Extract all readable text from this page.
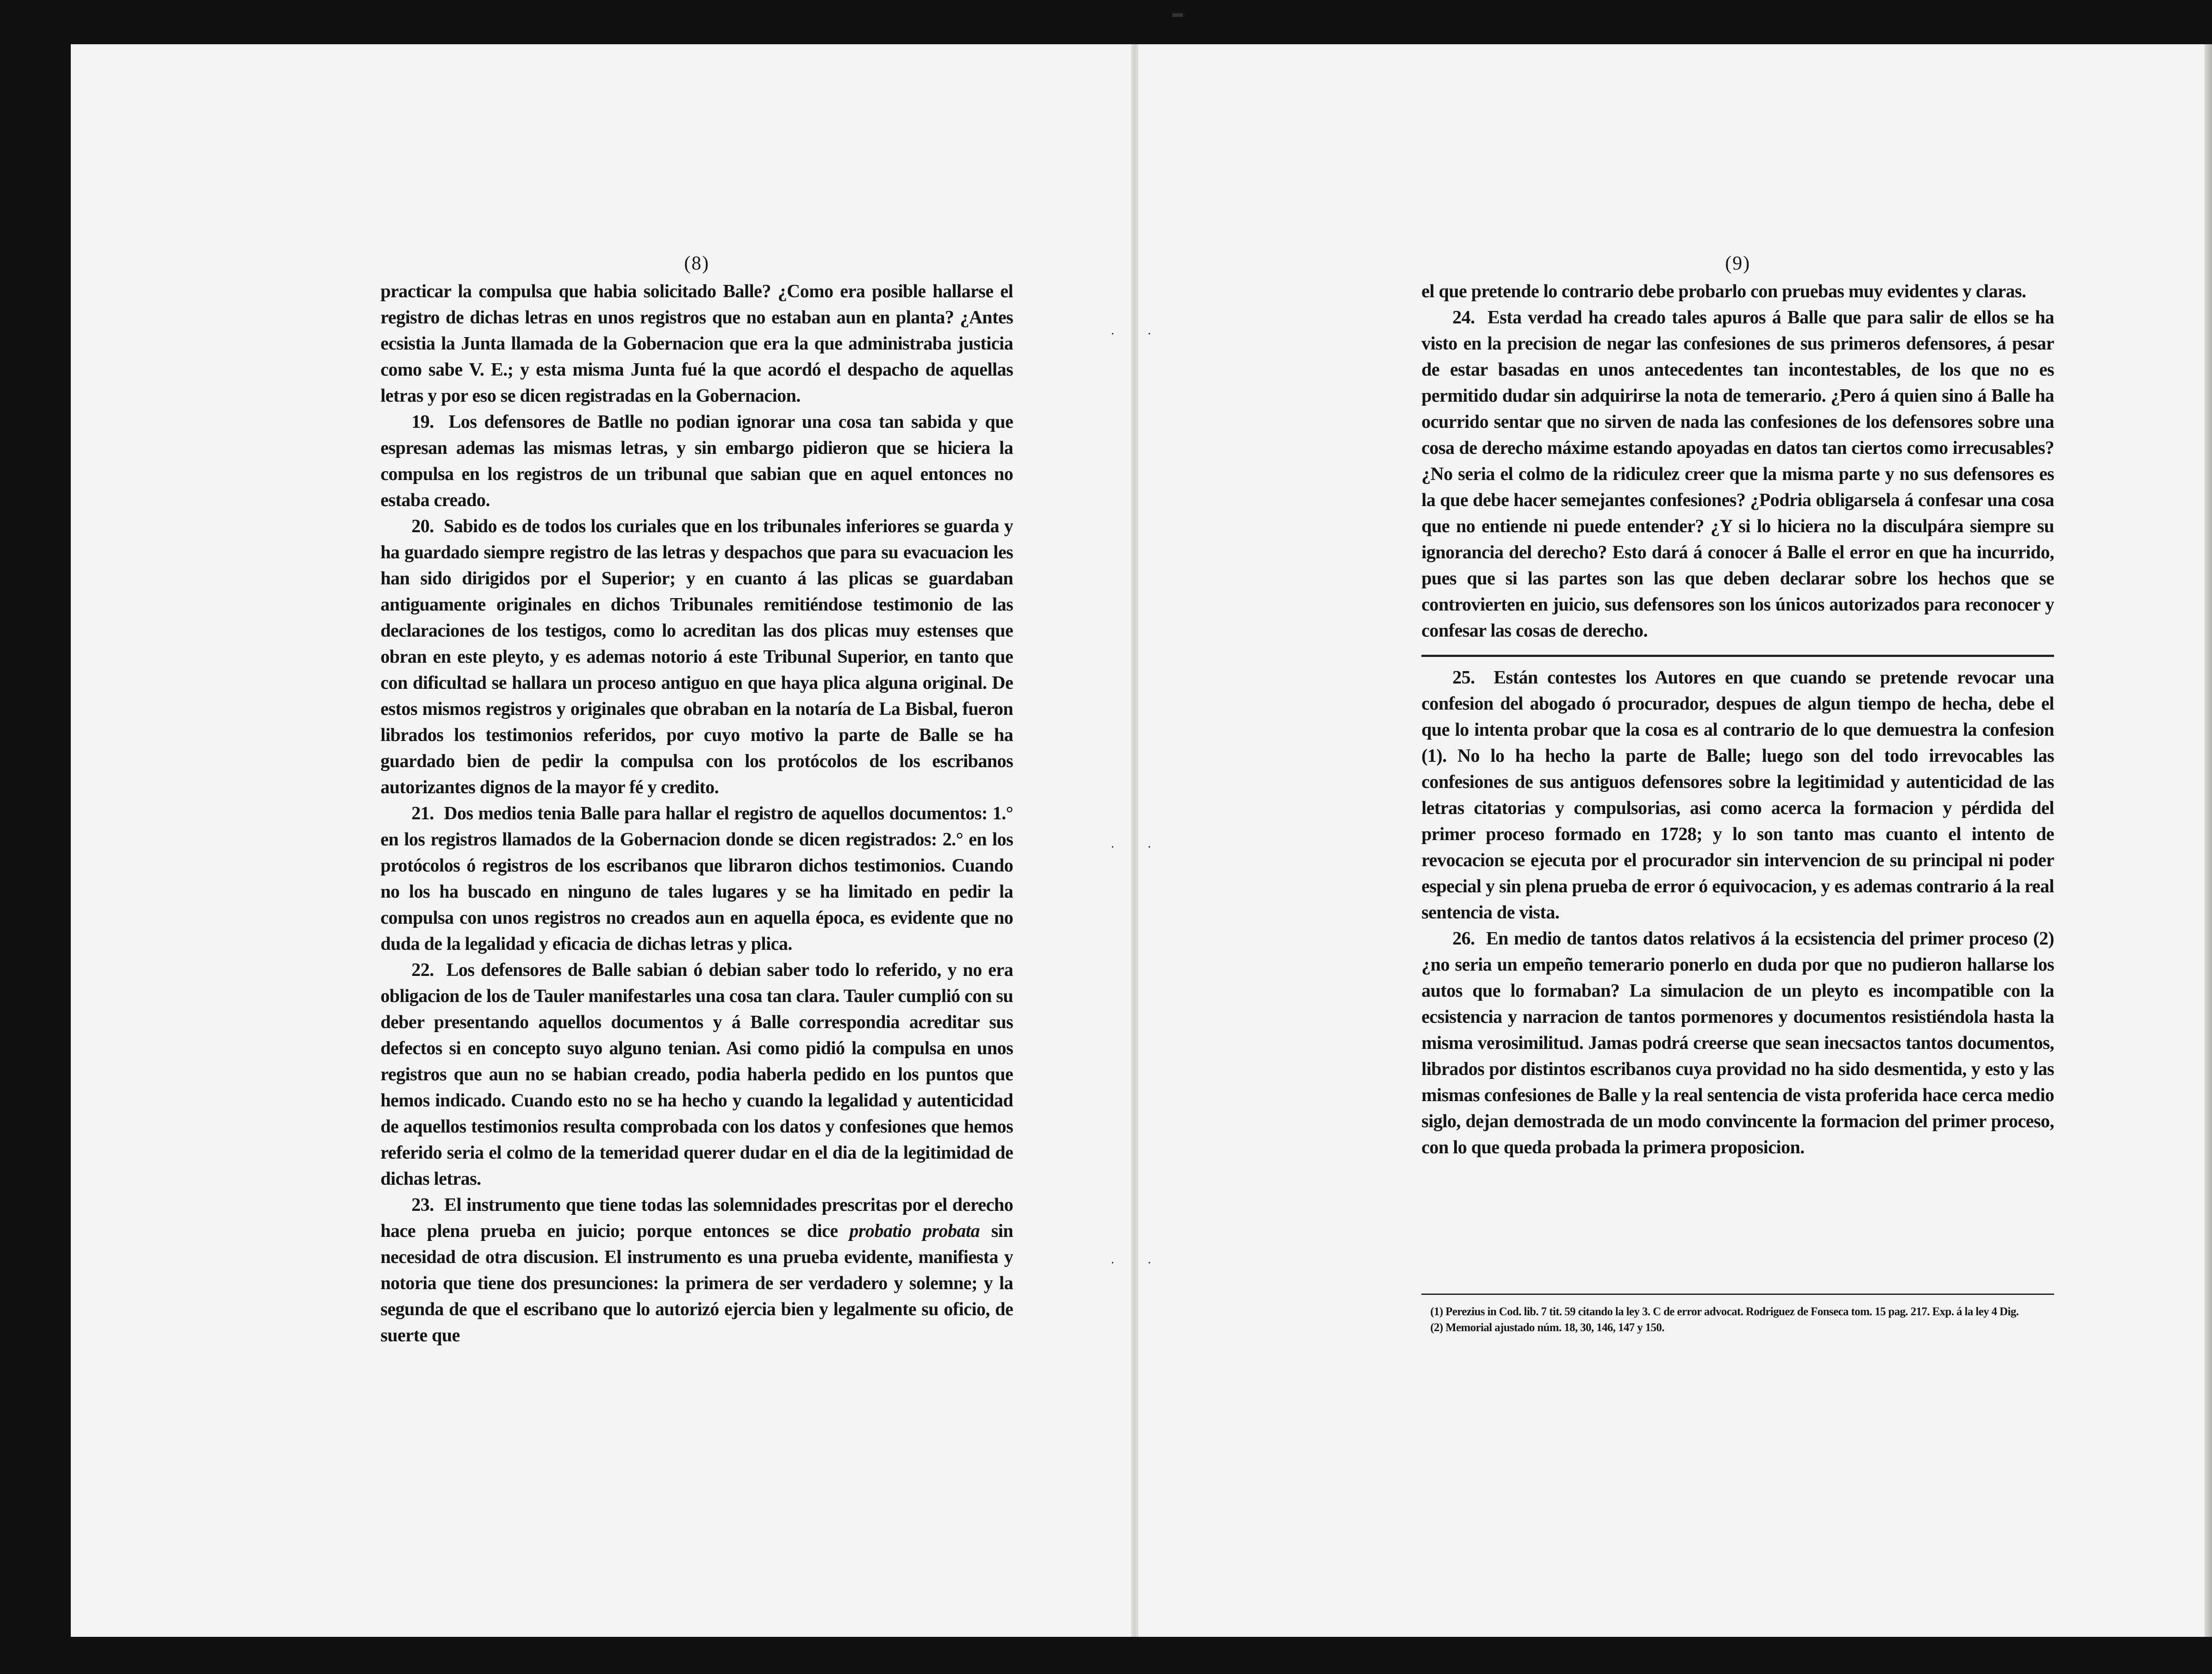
(8)

practicar la compulsa que habia solicitado Balle? ¿Como era posible hallarse el registro de dichas letras en unos registros que no estaban aun en planta? ¿Antes ecsistia la Junta llamada de la Gobernacion que era la que administraba justicia como sabe V. E.; y esta misma Junta fué la que acordó el despacho de aquellas letras y por eso se dicen registradas en la Gobernacion.

19. Los defensores de Batlle no podian ignorar una cosa tan sabida y que espresan ademas las mismas letras, y sin embargo pidieron que se hiciera la compulsa en los registros de un tribunal que sabian que en aquel entonces no estaba creado.

20. Sabido es de todos los curiales que en los tribunales inferiores se guarda y ha guardado siempre registro de las letras y despachos que para su evacuacion les han sido dirigidos por el Superior; y en cuanto á las plicas se guardaban antiguamente originales en dichos Tribunales remitiéndose testimonio de las declaraciones de los testigos, como lo acreditan las dos plicas muy estenses que obran en este pleyto, y es ademas notorio á este Tribunal Superior, en tanto que con dificultad se hallara un proceso antiguo en que haya plica alguna original. De estos mismos registros y originales que obraban en la notaría de La Bisbal, fueron librados los testimonios referidos, por cuyo motivo la parte de Balle se ha guardado bien de pedir la compulsa con los protócolos de los escribanos autorizantes dignos de la mayor fé y credito.

21. Dos medios tenia Balle para hallar el registro de aquellos documentos: 1.° en los registros llamados de la Gobernacion donde se dicen registrados: 2.° en los protócolos ó registros de los escribanos que libraron dichos testimonios. Cuando no los ha buscado en ninguno de tales lugares y se ha limitado en pedir la compulsa con unos registros no creados aun en aquella época, es evidente que no duda de la legalidad y eficacia de dichas letras y plica.

22. Los defensores de Balle sabian ó debian saber todo lo referido, y no era obligacion de los de Tauler manifestarles una cosa tan clara. Tauler cumplió con su deber presentando aquellos documentos y á Balle correspondia acreditar sus defectos si en concepto suyo alguno tenian. Asi como pidió la compulsa en unos registros que aun no se habian creado, podia haberla pedido en los puntos que hemos indicado. Cuando esto no se ha hecho y cuando la legalidad y autenticidad de aquellos testimonios resulta comprobada con los datos y confesiones que hemos referido seria el colmo de la temeridad querer dudar en el dia de la legitimidad de dichas letras.

23. El instrumento que tiene todas las solemnidades prescritas por el derecho hace plena prueba en juicio; porque entonces se dice probatio probata sin necesidad de otra discusion. El instrumento es una prueba evidente, manifiesta y notoria que tiene dos presunciones: la primera de ser verdadero y solemne; y la segunda de que el escribano que lo autorizó ejercia bien y legalmente su oficio, de suerte que

·
·
·
(9)

el que pretende lo contrario debe probarlo con pruebas muy evidentes y claras.

24. Esta verdad ha creado tales apuros á Balle que para salir de ellos se ha visto en la precision de negar las confesiones de sus primeros defensores, á pesar de estar basadas en unos antecedentes tan incontestables, de los que no es permitido dudar sin adquirirse la nota de temerario. ¿Pero á quien sino á Balle ha ocurrido sentar que no sirven de nada las confesiones de los defensores sobre una cosa de derecho máxime estando apoyadas en datos tan ciertos como irrecusables? ¿No seria el colmo de la ridiculez creer que la misma parte y no sus defensores es la que debe hacer semejantes confesiones? ¿Podria obligarsela á confesar una cosa que no entiende ni puede entender? ¿Y si lo hiciera no la disculpára siempre su ignorancia del derecho? Esto dará á conocer á Balle el error en que ha incurrido, pues que si las partes son las que deben declarar sobre los hechos que se controvierten en juicio, sus defensores son los únicos autorizados para reconocer y confesar las cosas de derecho.

25. Están contestes los Autores en que cuando se pretende revocar una confesion del abogado ó procurador, despues de algun tiempo de hecha, debe el que lo intenta probar que la cosa es al contrario de lo que demuestra la confesion (1). No lo ha hecho la parte de Balle; luego son del todo irrevocables las confesiones de sus antiguos defensores sobre la legitimidad y autenticidad de las letras citatorias y compulsorias, asi como acerca la formacion y pérdida del primer proceso formado en 1728; y lo son tanto mas cuanto el intento de revocacion se ejecuta por el procurador sin intervencion de su principal ni poder especial y sin plena prueba de error ó equivocacion, y es ademas contrario á la real sentencia de vista.

26. En medio de tantos datos relativos á la ecsistencia del primer proceso (2) ¿no seria un empeño temerario ponerlo en duda por que no pudieron hallarse los autos que lo formaban? La simulacion de un pleyto es incompatible con la ecsistencia y narracion de tantos pormenores y documentos resistiéndola hasta la misma verosimilitud. Jamas podrá creerse que sean inecsactos tantos documentos, librados por distintos escribanos cuya providad no ha sido desmentida, y esto y las mismas confesiones de Balle y la real sentencia de vista proferida hace cerca medio siglo, dejan demostrada de un modo convincente la formacion del primer proceso, con lo que queda probada la primera proposicion.

(1) Perezius in Cod. lib. 7 tit. 59 citando la ley 3. C de error advocat. Rodriguez de Fonseca tom. 15 pag. 217. Exp. á la ley 4 Dig.

(2) Memorial ajustado núm. 18, 30, 146, 147 y 150.

·
·
·
